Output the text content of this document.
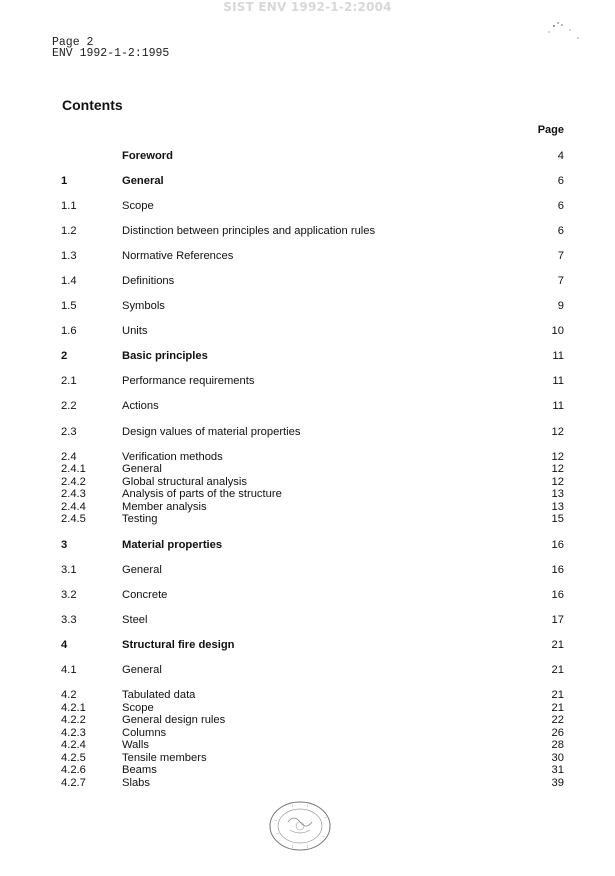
SIST ENV 1992-1-2:2004
Page 2
ENV 1992-1-2:1995
Contents
Page
Foreword	4
1	General	6
1.1	Scope	6
1.2	Distinction between principles and application rules	6
1.3	Normative References	7
1.4	Definitions	7
1.5	Symbols	9
1.6	Units	10
2	Basic principles	11
2.1	Performance requirements	11
2.2	Actions	11
2.3	Design values of material properties	12
2.4	Verification methods	12
2.4.1	General	12
2.4.2	Global structural analysis	12
2.4.3	Analysis of parts of the structure	13
2.4.4	Member analysis	13
2.4.5	Testing	15
3	Material properties	16
3.1	General	16
3.2	Concrete	16
3.3	Steel	17
4	Structural fire design	21
4.1	General	21
4.2	Tabulated data	21
4.2.1	Scope	21
4.2.2	General design rules	22
4.2.3	Columns	26
4.2.4	Walls	28
4.2.5	Tensile members	30
4.2.6	Beams	31
4.2.7	Slabs	39
